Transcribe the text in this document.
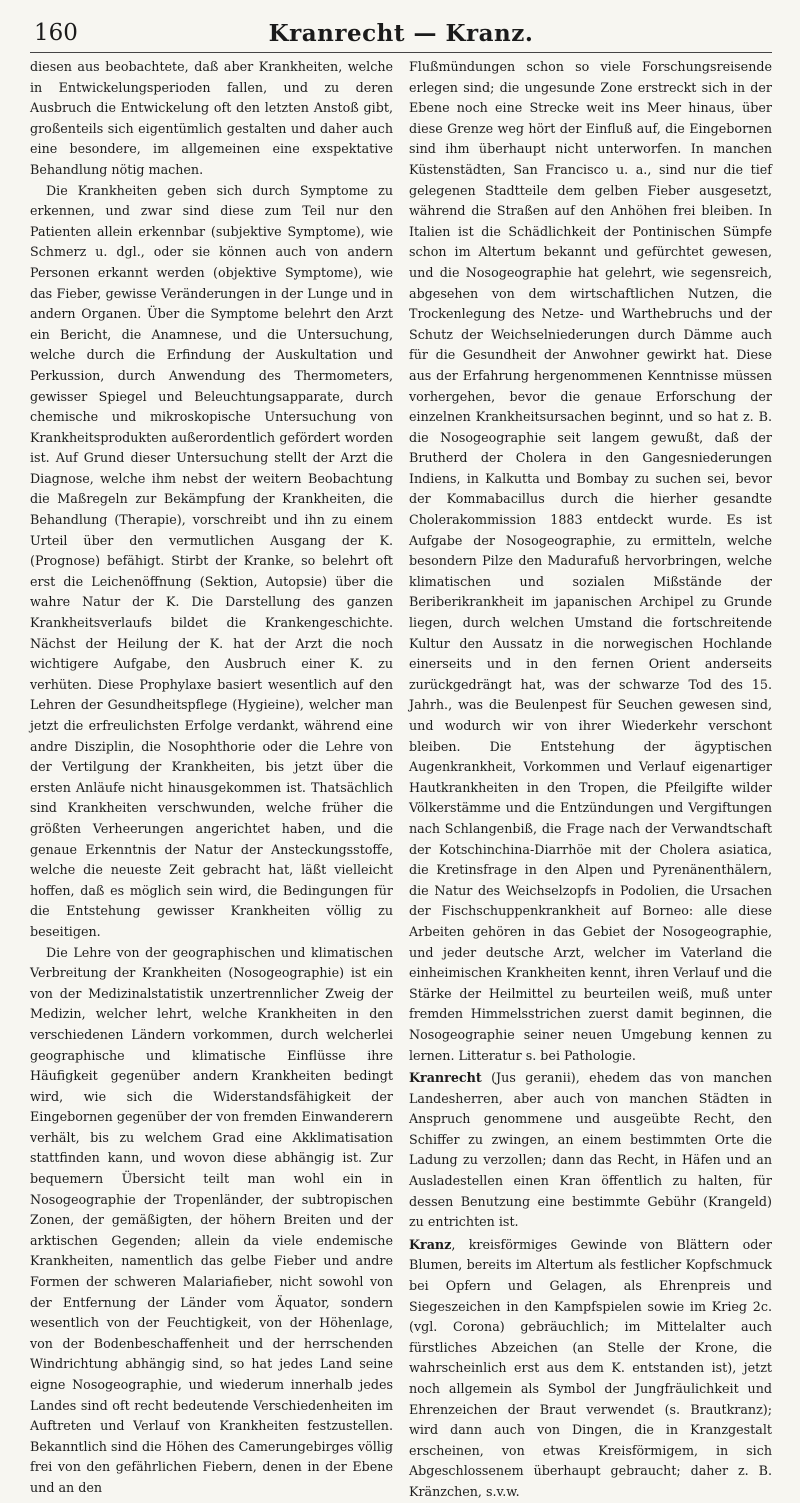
160	Kranrecht — Kranz.

diesen aus beobachtete, daß aber Krankheiten, welche in Entwickelungsperioden fallen, und zu deren Ausbruch die Entwickelung oft den letzten Anstoß gibt, großenteils sich eigentümlich gestalten und daher auch eine besondere, im allgemeinen eine exspektative Behandlung nötig machen.

Die Krankheiten geben sich durch Symptome zu erkennen, und zwar sind diese zum Teil nur den Patienten allein erkennbar (subjektive Symptome), wie Schmerz u. dgl., oder sie können auch von andern Personen erkannt werden (objektive Symptome), wie das Fieber, gewisse Veränderungen in der Lunge und in andern Organen. Über die Symptome belehrt den Arzt ein Bericht, die Anamnese, und die Untersuchung, welche durch die Erfindung der Auskultation und Perkussion, durch Anwendung des Thermometers, gewisser Spiegel und Beleuchtungsapparate, durch chemische und mikroskopische Untersuchung von Krankheitsprodukten außerordentlich gefördert worden ist. Auf Grund dieser Untersuchung stellt der Arzt die Diagnose, welche ihm nebst der weitern Beobachtung die Maßregeln zur Bekämpfung der Krankheiten, die Behandlung (Therapie), vorschreibt und ihn zu einem Urteil über den vermutlichen Ausgang der K. (Prognose) befähigt. Stirbt der Kranke, so belehrt oft erst die Leichenöffnung (Sektion, Autopsie) über die wahre Natur der K. Die Darstellung des ganzen Krankheitsverlaufs bildet die Krankengeschichte. Nächst der Heilung der K. hat der Arzt die noch wichtigere Aufgabe, den Ausbruch einer K. zu verhüten. Diese Prophylaxe basiert wesentlich auf den Lehren der Gesundheitspflege (Hygieine), welcher man jetzt die erfreulichsten Erfolge verdankt, während eine andre Disziplin, die Nosophthorie oder die Lehre von der Vertilgung der Krankheiten, bis jetzt über die ersten Anläufe nicht hinausgekommen ist. Thatsächlich sind Krankheiten verschwunden, welche früher die größten Verheerungen angerichtet haben, und die genaue Erkenntnis der Natur der Ansteckungsstoffe, welche die neueste Zeit gebracht hat, läßt vielleicht hoffen, daß es möglich sein wird, die Bedingungen für die Entstehung gewisser Krankheiten völlig zu beseitigen.

Die Lehre von der geographischen und klimatischen Verbreitung der Krankheiten (Nosogeographie) ist ein von der Medizinalstatistik unzertrennlicher Zweig der Medizin, welcher lehrt, welche Krankheiten in den verschiedenen Ländern vorkommen, durch welcherlei geographische und klimatische Einflüsse ihre Häufigkeit gegenüber andern Krankheiten bedingt wird, wie sich die Widerstandsfähigkeit der Eingebornen gegenüber der von fremden Einwanderern verhält, bis zu welchem Grad eine Akklimatisation stattfinden kann, und wovon diese abhängig ist. Zur bequemern Übersicht teilt man wohl ein in Nosogeographie der Tropenländer, der subtropischen Zonen, der gemäßigten, der höhern Breiten und der arktischen Gegenden; allein da viele endemische Krankheiten, namentlich das gelbe Fieber und andre Formen der schweren Malariafieber, nicht sowohl von der Entfernung der Länder vom Äquator, sondern wesentlich von der Feuchtigkeit, von der Höhenlage, von der Bodenbeschaffenheit und der herrschenden Windrichtung abhängig sind, so hat jedes Land seine eigne Nosogeographie, und wiederum innerhalb jedes Landes sind oft recht bedeutende Verschiedenheiten im Auftreten und Verlauf von Krankheiten festzustellen. Bekanntlich sind die Höhen des Camerungebirges völlig frei von den gefährlichen Fiebern, denen in der Ebene und an den

Flußmündungen schon so viele Forschungsreisende erlegen sind; die ungesunde Zone erstreckt sich in der Ebene noch eine Strecke weit ins Meer hinaus, über diese Grenze weg hört der Einfluß auf, die Eingebornen sind ihm überhaupt nicht unterworfen. In manchen Küstenstädten, San Francisco u. a., sind nur die tief gelegenen Stadtteile dem gelben Fieber ausgesetzt, während die Straßen auf den Anhöhen frei bleiben. In Italien ist die Schädlichkeit der Pontinischen Sümpfe schon im Altertum bekannt und gefürchtet gewesen, und die Nosogeographie hat gelehrt, wie segensreich, abgesehen von dem wirtschaftlichen Nutzen, die Trockenlegung des Netze- und Warthebruchs und der Schutz der Weichselniederungen durch Dämme auch für die Gesundheit der Anwohner gewirkt hat. Diese aus der Erfahrung hergenommenen Kenntnisse müssen vorhergehen, bevor die genaue Erforschung der einzelnen Krankheitsursachen beginnt, und so hat z. B. die Nosogeographie seit langem gewußt, daß der Brutherd der Cholera in den Gangesniederungen Indiens, in Kalkutta und Bombay zu suchen sei, bevor der Kommabacillus durch die hierher gesandte Cholerakommission 1883 entdeckt wurde. Es ist Aufgabe der Nosogeographie, zu ermitteln, welche besondern Pilze den Madurafuß hervorbringen, welche klimatischen und sozialen Mißstände der Beriberikrankheit im japanischen Archipel zu Grunde liegen, durch welchen Umstand die fortschreitende Kultur den Aussatz in die norwegischen Hochlande einerseits und in den fernen Orient anderseits zurückgedrängt hat, was der schwarze Tod des 15. Jahrh., was die Beulenpest für Seuchen gewesen sind, und wodurch wir von ihrer Wiederkehr verschont bleiben. Die Entstehung der ägyptischen Augenkrankheit, Vorkommen und Verlauf eigenartiger Hautkrankheiten in den Tropen, die Pfeilgifte wilder Völkerstämme und die Entzündungen und Vergiftungen nach Schlangenbiß, die Frage nach der Verwandtschaft der Kotschinchina-Diarrhöe mit der Cholera asiatica, die Kretinsfrage in den Alpen und Pyrenänenthälern, die Natur des Weichselzopfs in Podolien, die Ursachen der Fischschuppenkrankheit auf Borneo: alle diese Arbeiten gehören in das Gebiet der Nosogeographie, und jeder deutsche Arzt, welcher im Vaterland die einheimischen Krankheiten kennt, ihren Verlauf und die Stärke der Heilmittel zu beurteilen weiß, muß unter fremden Himmelsstrichen zuerst damit beginnen, die Nosogeographie seiner neuen Umgebung kennen zu lernen. Litteratur s. bei Pathologie.

Kranrecht (Jus geranii), ehedem das von manchen Landesherren, aber auch von manchen Städten in Anspruch genommene und ausgeübte Recht, den Schiffer zu zwingen, an einem bestimmten Orte die Ladung zu verzollen; dann das Recht, in Häfen und an Ausladestellen einen Kran öffentlich zu halten, für dessen Benutzung eine bestimmte Gebühr (Krangeld) zu entrichten ist.

Kranz, kreisförmiges Gewinde von Blättern oder Blumen, bereits im Altertum als festlicher Kopfschmuck bei Opfern und Gelagen, als Ehrenpreis und Siegeszeichen in den Kampfspielen sowie im Krieg 2c. (vgl. Corona) gebräuchlich; im Mittelalter auch fürstliches Abzeichen (an Stelle der Krone, die wahrscheinlich erst aus dem K. entstanden ist), jetzt noch allgemein als Symbol der Jungfräulichkeit und Ehrenzeichen der Braut verwendet (s. Brautkranz); wird dann auch von Dingen, die in Kranzgestalt erscheinen, von etwas Kreisförmigem, in sich Abgeschlossenem überhaupt gebraucht; daher z. B. Kränzchen, s.v.w.
